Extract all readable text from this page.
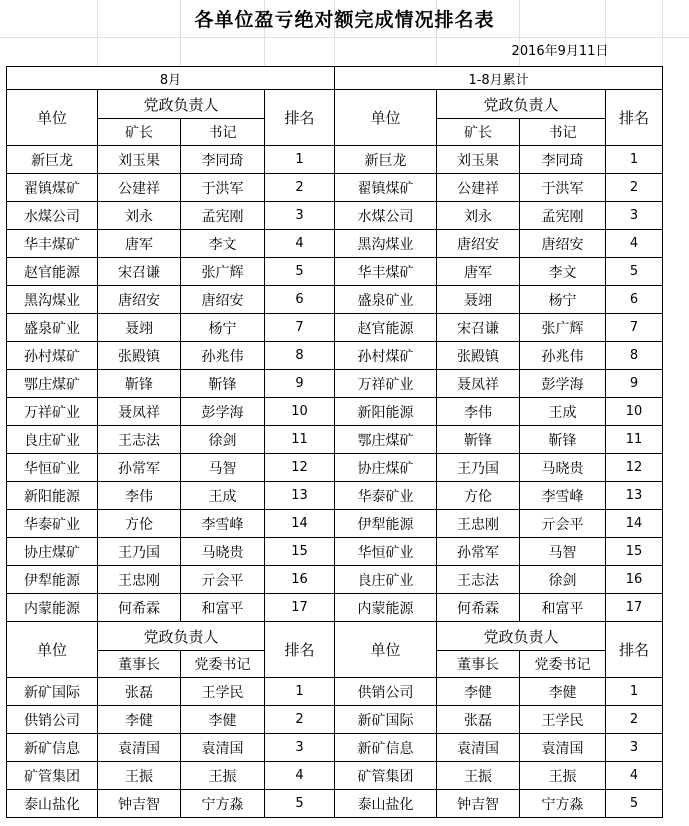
各单位盈亏绝对额完成情况排名表
2016年9月11日
8月				1-8月累计			
单位	党政负责人		排名	单位	党政负责人		排名
	矿长	书记			矿长	书记	
新巨龙	刘玉果	李同琦	1	新巨龙	刘玉果	李同琦	1
翟镇煤矿	公建祥	于洪军	2	翟镇煤矿	公建祥	于洪军	2
水煤公司	刘永	孟宪刚	3	水煤公司	刘永	孟宪刚	3
华丰煤矿	唐军	李文	4	黑沟煤业	唐绍安	唐绍安	4
赵官能源	宋召谦	张广辉	5	华丰煤矿	唐军	李文	5
黑沟煤业	唐绍安	唐绍安	6	盛泉矿业	聂翊	杨宁	6
盛泉矿业	聂翊	杨宁	7	赵官能源	宋召谦	张广辉	7
孙村煤矿	张殿镇	孙兆伟	8	孙村煤矿	张殿镇	孙兆伟	8
鄂庄煤矿	靳锋	靳锋	9	万祥矿业	聂凤祥	彭学海	9
万祥矿业	聂凤祥	彭学海	10	新阳能源	李伟	王成	10
良庄矿业	王志法	徐剑	11	鄂庄煤矿	靳锋	靳锋	11
华恒矿业	孙常军	马智	12	协庄煤矿	王乃国	马晓贵	12
新阳能源	李伟	王成	13	华泰矿业	方伦	李雪峰	13
华泰矿业	方伦	李雪峰	14	伊犁能源	王忠刚	亓会平	14
协庄煤矿	王乃国	马晓贵	15	华恒矿业	孙常军	马智	15
伊犁能源	王忠刚	亓会平	16	良庄矿业	王志法	徐剑	16
内蒙能源	何希霖	和富平	17	内蒙能源	何希霖	和富平	17
单位	党政负责人		排名	单位	党政负责人		排名
	董事长	党委书记			董事长	党委书记	
新矿国际	张磊	王学民	1	供销公司	李健	李健	1
供销公司	李健	李健	2	新矿国际	张磊	王学民	2
新矿信息	袁清国	袁清国	3	新矿信息	袁清国	袁清国	3
矿管集团	王振	王振	4	矿管集团	王振	王振	4
泰山盐化	钟吉智	宁方淼	5	泰山盐化	钟吉智	宁方淼	5
